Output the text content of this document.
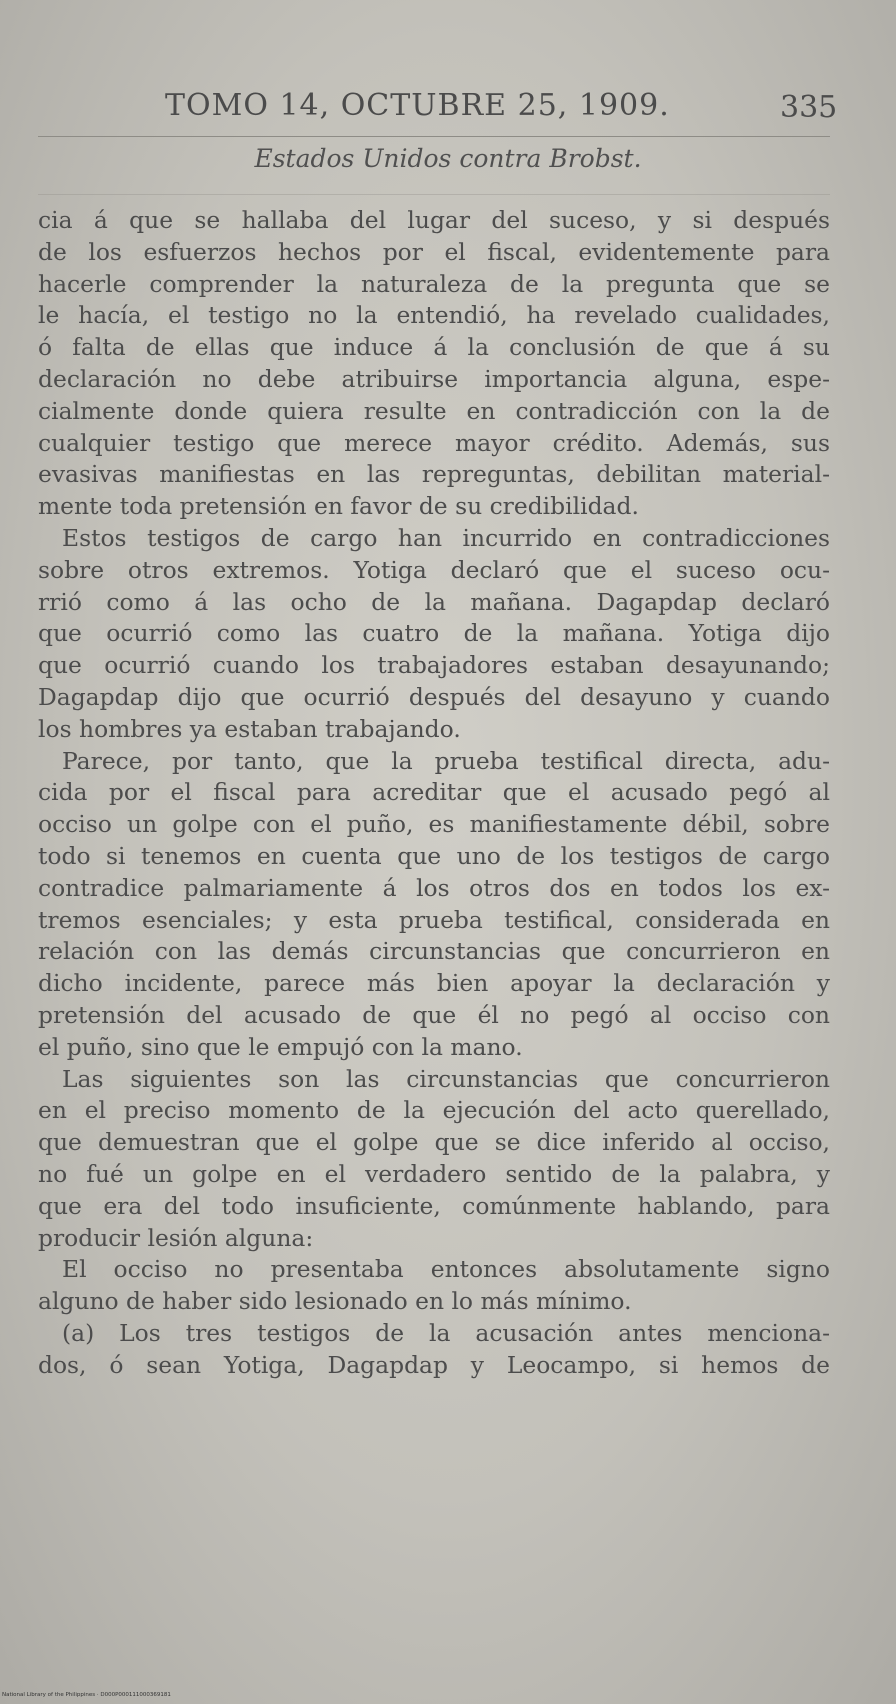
TOMO 14, OCTUBRE 25, 1909.	335
Estados Unidos contra Brobst.
cia á que se hallaba del lugar del suceso, y si después
de los esfuerzos hechos por el fiscal, evidentemente para
hacerle comprender la naturaleza de la pregunta que se
le hacía, el testigo no la entendió, ha revelado cualidades,
ó falta de ellas que induce á la conclusión de que á su
declaración no debe atribuirse importancia alguna, espe-
cialmente donde quiera resulte en contradicción con la de
cualquier testigo que merece mayor crédito. Además, sus
evasivas manifiestas en las repreguntas, debilitan material-
mente toda pretensión en favor de su credibilidad.
Estos testigos de cargo han incurrido en contradicciones
sobre otros extremos. Yotiga declaró que el suceso ocu-
rrió como á las ocho de la mañana. Dagapdap declaró
que ocurrió como las cuatro de la mañana. Yotiga dijo
que ocurrió cuando los trabajadores estaban desayunando;
Dagapdap dijo que ocurrió después del desayuno y cuando
los hombres ya estaban trabajando.
Parece, por tanto, que la prueba testifical directa, adu-
cida por el fiscal para acreditar que el acusado pegó al
occiso un golpe con el puño, es manifiestamente débil, sobre
todo si tenemos en cuenta que uno de los testigos de cargo
contradice palmariamente á los otros dos en todos los ex-
tremos esenciales; y esta prueba testifical, considerada en
relación con las demás circunstancias que concurrieron en
dicho incidente, parece más bien apoyar la declaración y
pretensión del acusado de que él no pegó al occiso con
el puño, sino que le empujó con la mano.
Las siguientes son las circunstancias que concurrieron
en el preciso momento de la ejecución del acto querellado,
que demuestran que el golpe que se dice inferido al occiso,
no fué un golpe en el verdadero sentido de la palabra, y
que era del todo insuficiente, comúnmente hablando, para
producir lesión alguna:
El occiso no presentaba entonces absolutamente signo
alguno de haber sido lesionado en lo más mínimo.
(a) Los tres testigos de la acusación antes menciona-
dos, ó sean Yotiga, Dagapdap y Leocampo, si hemos de
National Library of the Philippines · D000P000111000369181
